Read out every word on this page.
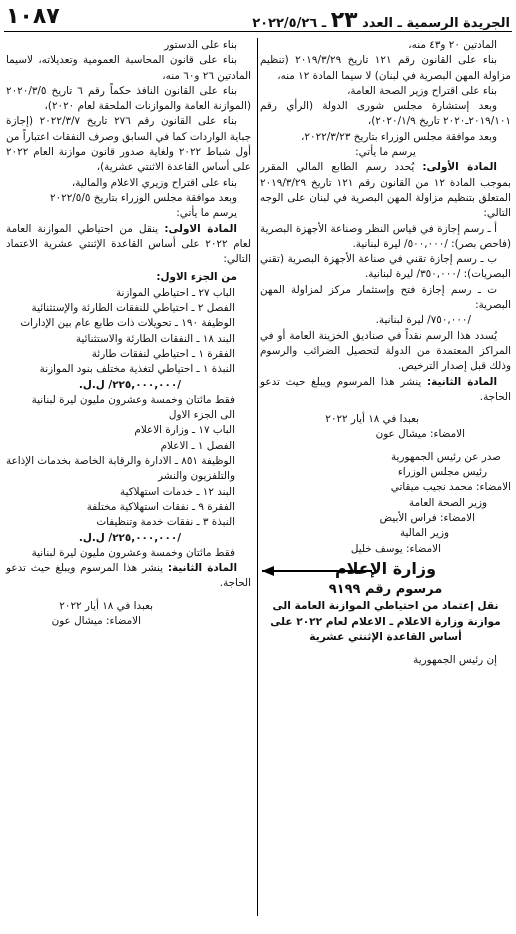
الجريدة الرسمية ـ العدد ٢٣ ـ ٢٠٢٢/٥/٢٦
١٠٨٧

المادتين ٢٠ و٤٣ منه،

بناء على القانون رقم ١٢١ تاريخ ٢٠١٩/٣/٢٩ (تنظيم مزاولة المهن البصرية في لبنان) لا سيما المادة ١٢ منه،

بناء على اقتراح وزير الصحة العامة،

وبعد إستشارة مجلس شورى الدولة (الرأي رقم ٢٠١٩/١٠١ـ٢٠٢٠ تاريخ ٢٠٢٠/١/٩)،

وبعد موافقة مجلس الوزراء بتاريخ ٢٠٢٢/٣/٢٣،

يرسم ما يأتي:

المادة الأولى: يُحدد رسم الطابع المالي المقرر بموجب المادة ١٢ من القانون رقم ١٢١ تاريخ ٢٠١٩/٣/٢٩ المتعلق بتنظيم مزاولة المهن البصرية في لبنان على الوجه التالي:

أ ـ رسم إجازة في قياس النظر وصناعة الأجهزة البصرية (فاحص بصر): /٥٠٠,٠٠٠/ ليرة لبنانية.

ب ـ رسم إجازة تقني في صناعة الأجهزة البصرية (تقني البصريات): /٣٥٠,٠٠٠/ ليرة لبنانية.

ت ـ رسم إجازة فتح وإستثمار مركز لمزاولة المهن البصرية:

/٧٥٠,٠٠٠/ ليرة لبنانية.

يُسدد هذا الرسم نقداً في صناديق الخزينة العامة أو في المراكز المعتمدة من الدولة لتحصيل الضرائب والرسوم وذلك قبل إصدار الترخيص.

المادة الثانية: ينشر هذا المرسوم ويبلغ حيث تدعو الحاجة.

بعبدا في ١٨ أيار ٢٠٢٢

الامضاء: ميشال عون

صدر عن رئيس الجمهورية

رئيس مجلس الوزراء

الامضاء: محمد نجيب ميقاتي

وزير الصحة العامة

الامضاء: فراس الأبيض

وزير المالية

الامضاء: يوسف خليل

وزارة الإعلام
مرسوم رقم ٩١٩٩
نقل إعتماد من احتياطي الموازنة العامة الى موازنة وزارة الاعلام ـ الاعلام لعام ٢٠٢٢ على أساس القاعدة الإثنتي عشرية

إن رئيس الجمهورية

بناء على الدستور

بناء على قانون المحاسبة العمومية وتعديلاته، لاسيما المادتين ٢٦ و٦٠ منه،

بناء على القانون النافذ حكماً رقم ٦ تاريخ ٢٠٢٠/٣/٥ (الموازنة العامة والموازنات الملحقة لعام ٢٠٢٠)،

بناء على القانون رقم ٢٧٦ تاريخ ٢٠٢٢/٣/٧ (إجازة جباية الواردات كما في السابق وصرف النفقات اعتباراً من أول شباط ٢٠٢٢ ولغاية صدور قانون موازنة العام ٢٠٢٢ على أساس القاعدة الاثنتي عشرية)،

بناء على اقتراح وزيري الاعلام والمالية،

وبعد موافقة مجلس الوزراء بتاريخ ٢٠٢٢/٥/٥

يرسم ما يأتي:

المادة الاولى: ينقل من احتياطي الموازنة العامة لعام ٢٠٢٢ على أساس القاعدة الإثنتي عشرية الاعتماد التالي:

من الجزء الاول:

الباب ٢٧ ـ احتياطي الموازنة

الفصل ٢ ـ احتياطي للنفقات الطارئة والإستثنائية

الوظيفة ١٩٠ ـ تحويلات ذات طابع عام بين الإدارات

البند ١٨ ـ النفقات الطارئة والاستثنائية

الفقرة ١ ـ احتياطي لنفقات طارئة

النبذة ١ ـ احتياطي لتغذية مختلف بنود الموازنة

/٢٢٥,٠٠٠,٠٠٠/ ل.ل.

فقط مائتان وخمسة وعشرون مليون ليرة لبنانية

الى الجزء الاول

الباب ١٧ ـ وزارة الاعلام

الفصل ١ ـ الاعلام

الوظيفة ٨٥١ ـ الادارة والرقابة الخاصة بخدمات الإذاعة والتلفزيون والنشر

البند ١٢ ـ خدمات استهلاكية

الفقرة ٩ ـ نفقات استهلاكية مختلفة

النبذة ٣ ـ نفقات خدمة وتنظيفات

/٢٢٥,٠٠٠,٠٠٠/ ل.ل.

فقط مائتان وخمسة وعشرون مليون ليرة لبنانية

المادة الثانية: ينشر هذا المرسوم ويبلغ حيث تدعو الحاجة.

بعبدا في ١٨ أيار ٢٠٢٢

الامضاء: ميشال عون
